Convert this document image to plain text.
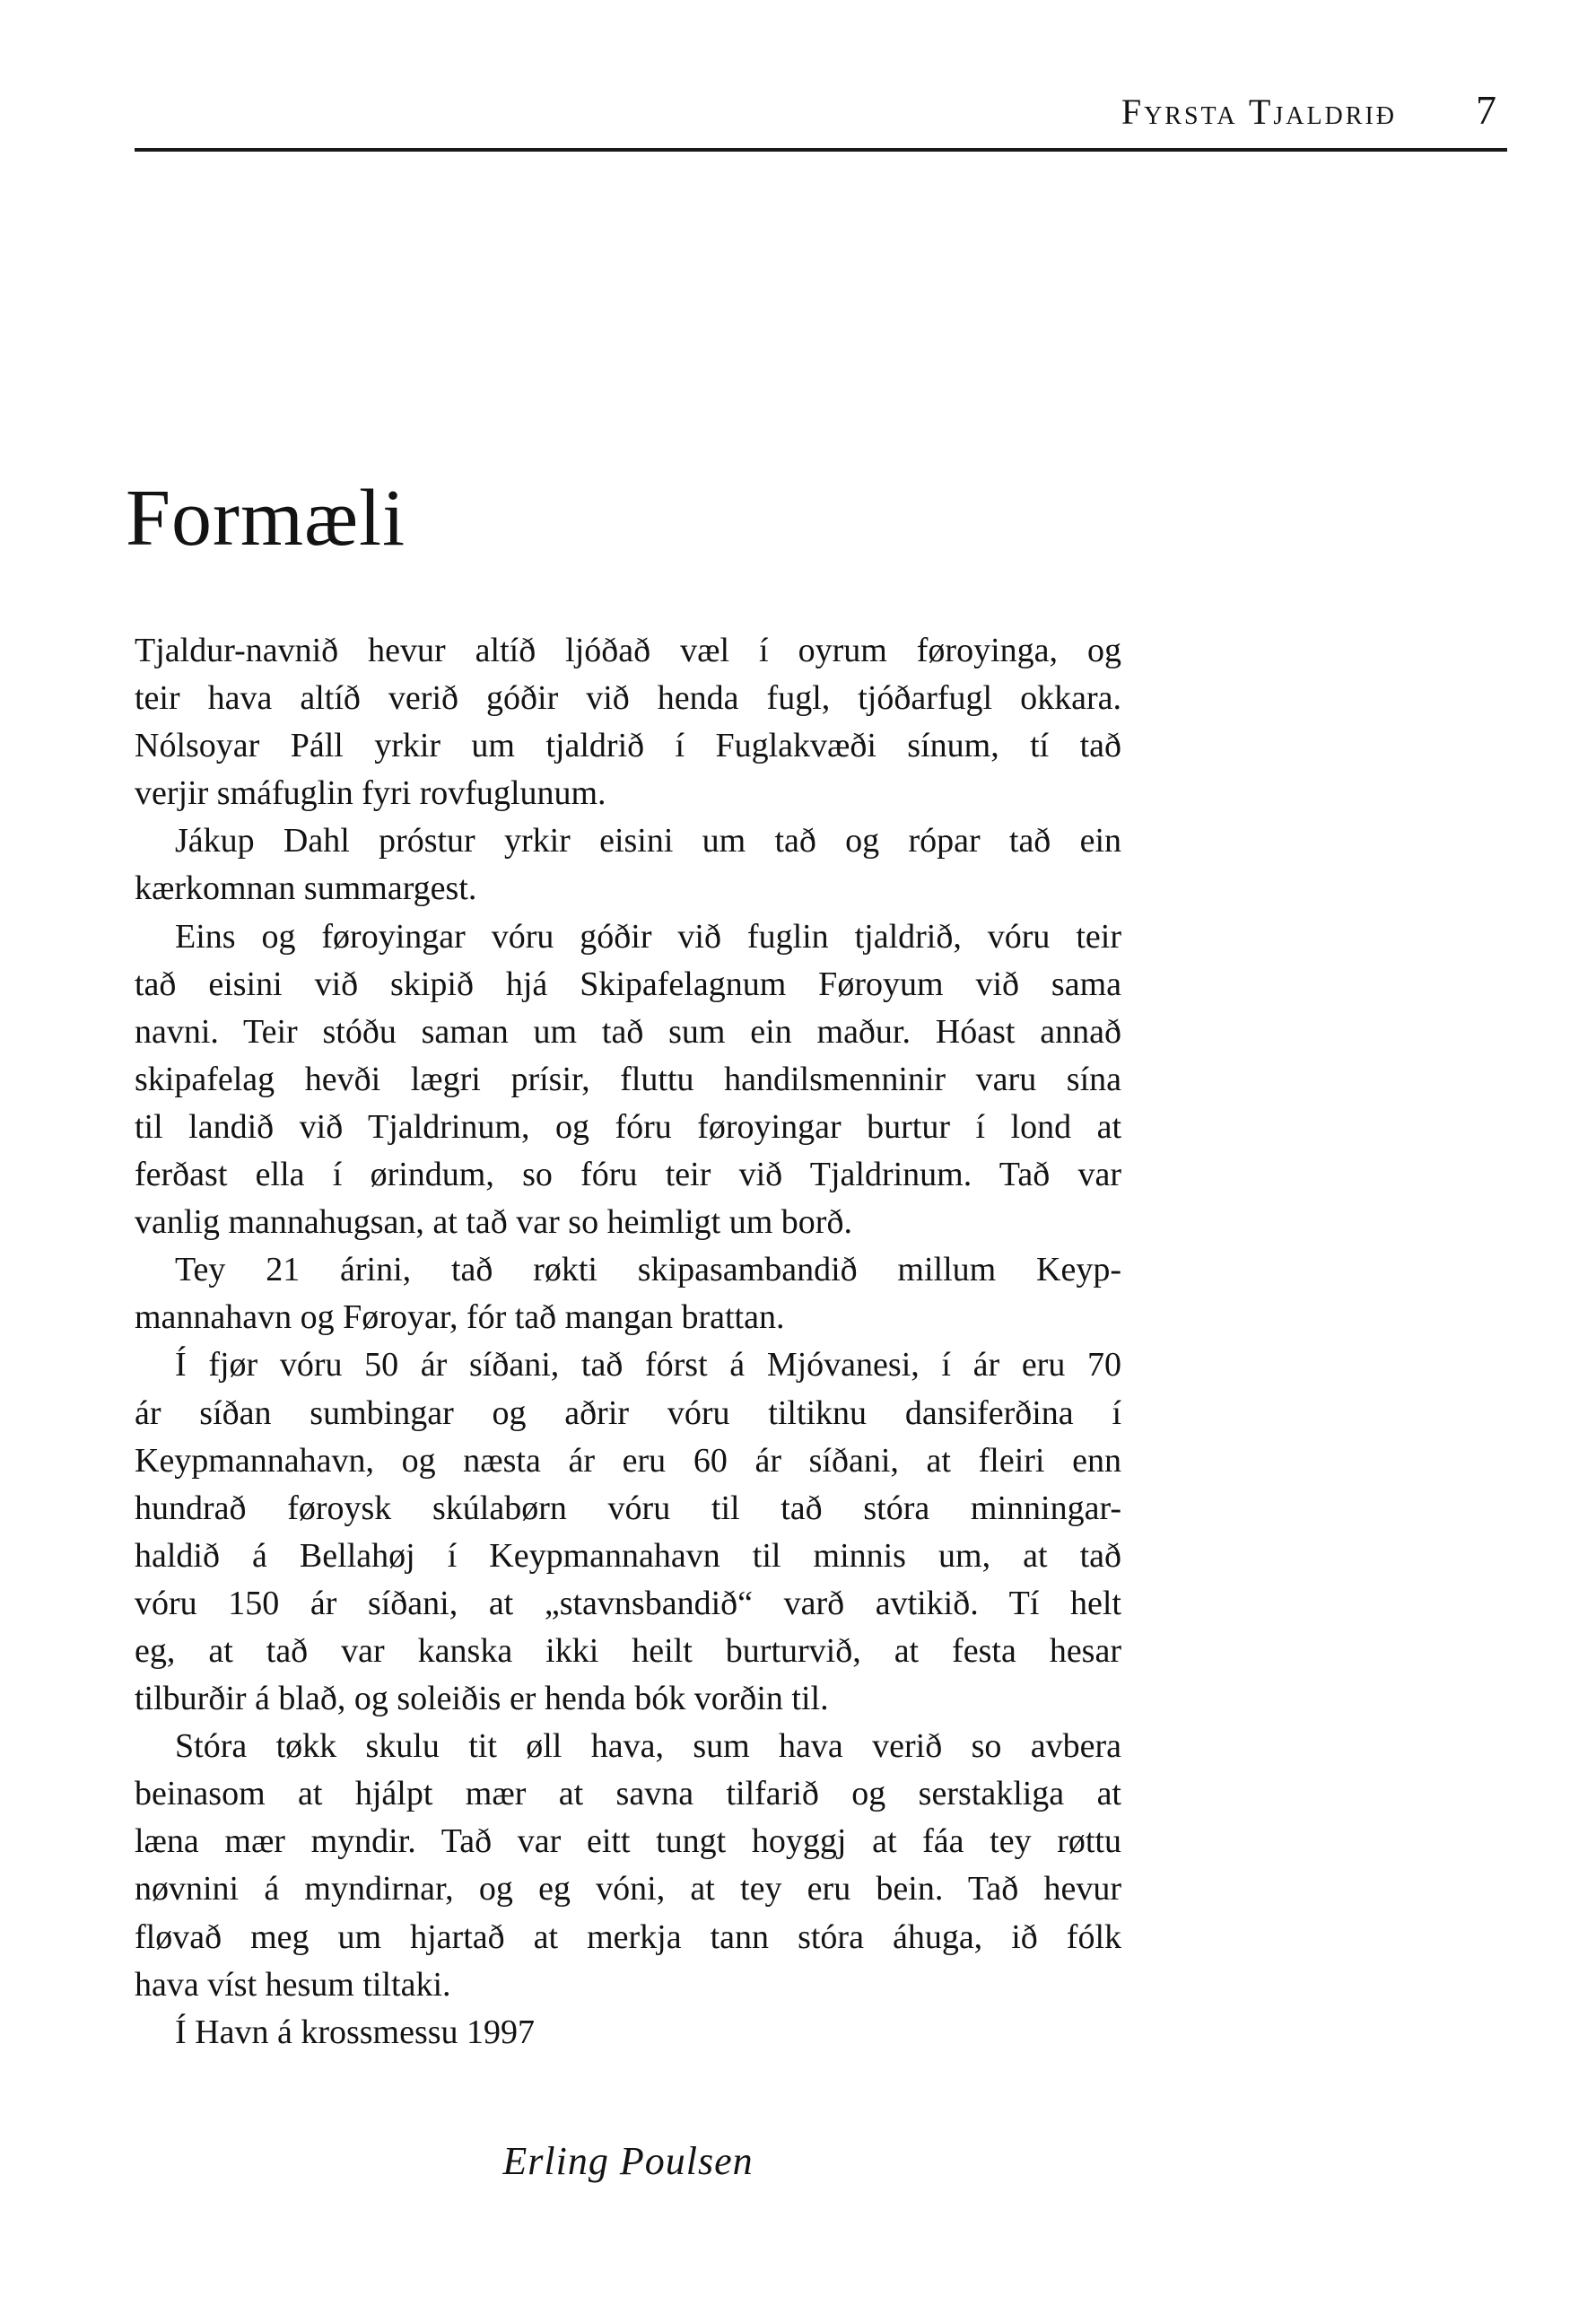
Fyrsta Tjaldrið 7
Formæli
Tjaldur-navnið hevur altíð ljóðað væl í oyrum føroyinga, og
teir hava altíð verið góðir við henda fugl, tjóðarfugl okkara.
Nólsoyar Páll yrkir um tjaldrið í Fuglakvæði sínum, tí tað
verjir smáfuglin fyri rovfuglunum.
Jákup Dahl próstur yrkir eisini um tað og rópar tað ein
kærkomnan summargest.
Eins og føroyingar vóru góðir við fuglin tjaldrið, vóru teir
tað eisini við skipið hjá Skipafelagnum Føroyum við sama
navni. Teir stóðu saman um tað sum ein maður. Hóast annað
skipafelag hevði lægri prísir, fluttu handilsmenninir varu sína
til landið við Tjaldrinum, og fóru føroyingar burtur í lond at
ferðast ella í ørindum, so fóru teir við Tjaldrinum. Tað var
vanlig mannahugsan, at tað var so heimligt um borð.
Tey 21 árini, tað røkti skipasambandið millum Keyp-
mannahavn og Føroyar, fór tað mangan brattan.
Í fjør vóru 50 ár síðani, tað fórst á Mjóvanesi, í ár eru 70
ár síðan sumbingar og aðrir vóru tiltiknu dansiferðina í
Keypmannahavn, og næsta ár eru 60 ár síðani, at fleiri enn
hundrað føroysk skúlabørn vóru til tað stóra minningar-
haldið á Bellahøj í Keypmannahavn til minnis um, at tað
vóru 150 ár síðani, at „stavnsbandið“ varð avtikið. Tí helt
eg, at tað var kanska ikki heilt burturvið, at festa hesar
tilburðir á blað, og soleiðis er henda bók vorðin til.
Stóra tøkk skulu tit øll hava, sum hava verið so avbera
beinasom at hjálpt mær at savna tilfarið og serstakliga at
læna mær myndir. Tað var eitt tungt hoyggj at fáa tey røttu
nøvnini á myndirnar, og eg vóni, at tey eru bein. Tað hevur
fløvað meg um hjartað at merkja tann stóra áhuga, ið fólk
hava víst hesum tiltaki.
Í Havn á krossmessu 1997
Erling Poulsen
